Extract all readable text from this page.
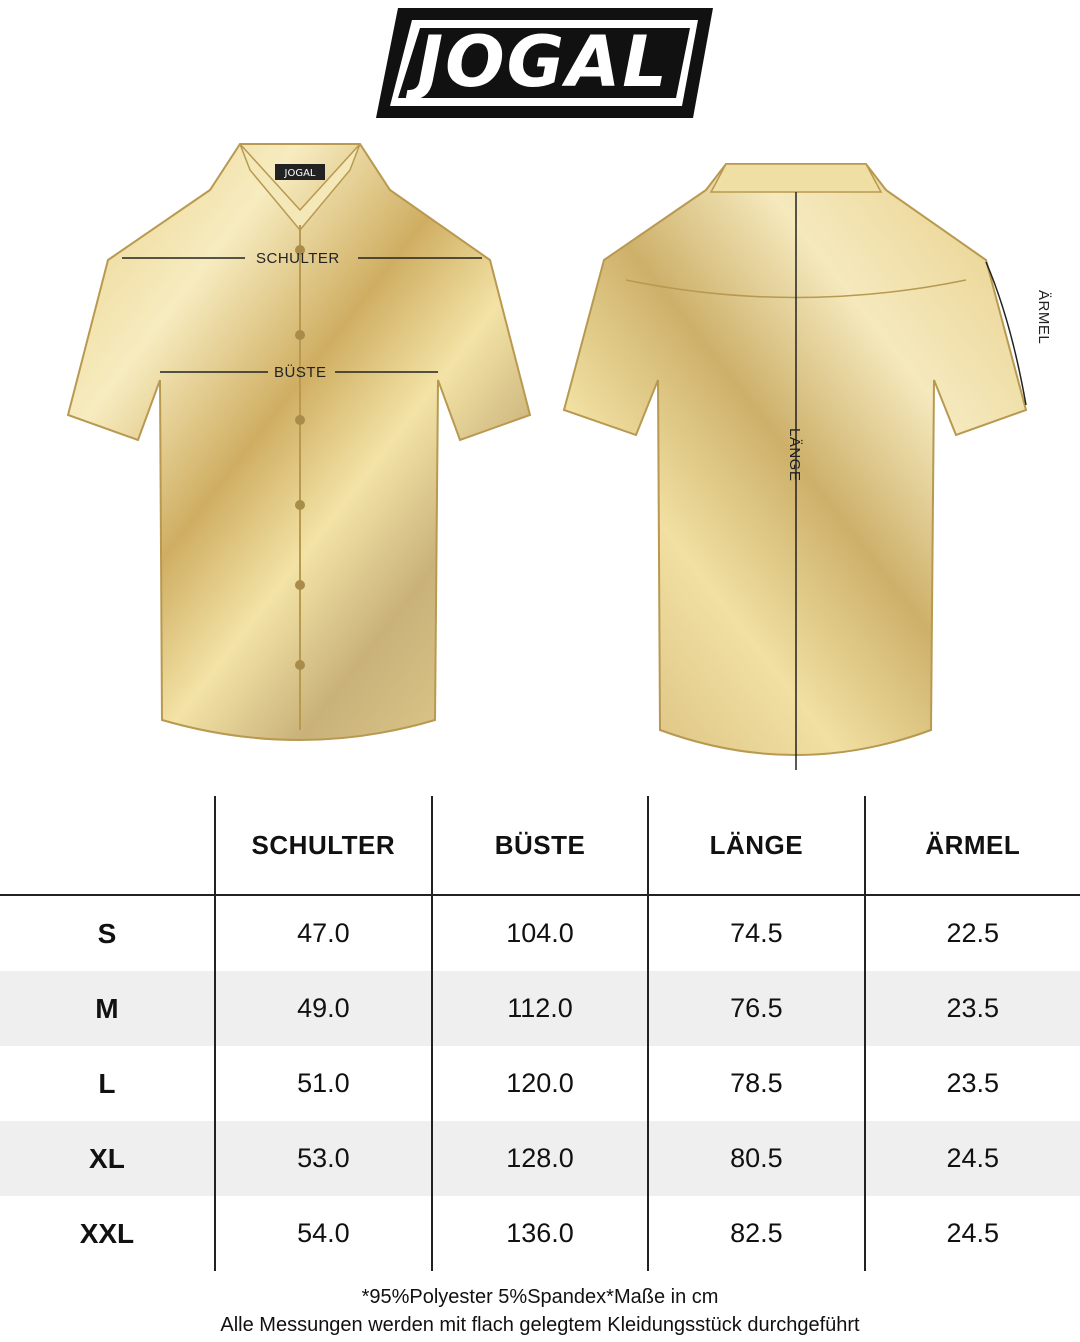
JOGAL
JOGAL
SCHULTER
BÜSTE
LÄNGE
ÄRMEL
	SCHULTER	BÜSTE	LÄNGE	ÄRMEL
S	47.0	104.0	74.5	22.5
M	49.0	112.0	76.5	23.5
L	51.0	120.0	78.5	23.5
XL	53.0	128.0	80.5	24.5
XXL	54.0	136.0	82.5	24.5
*95%Polyester 5%Spandex*Maße in cm
Alle Messungen werden mit flach gelegtem Kleidungsstück durchgeführt
